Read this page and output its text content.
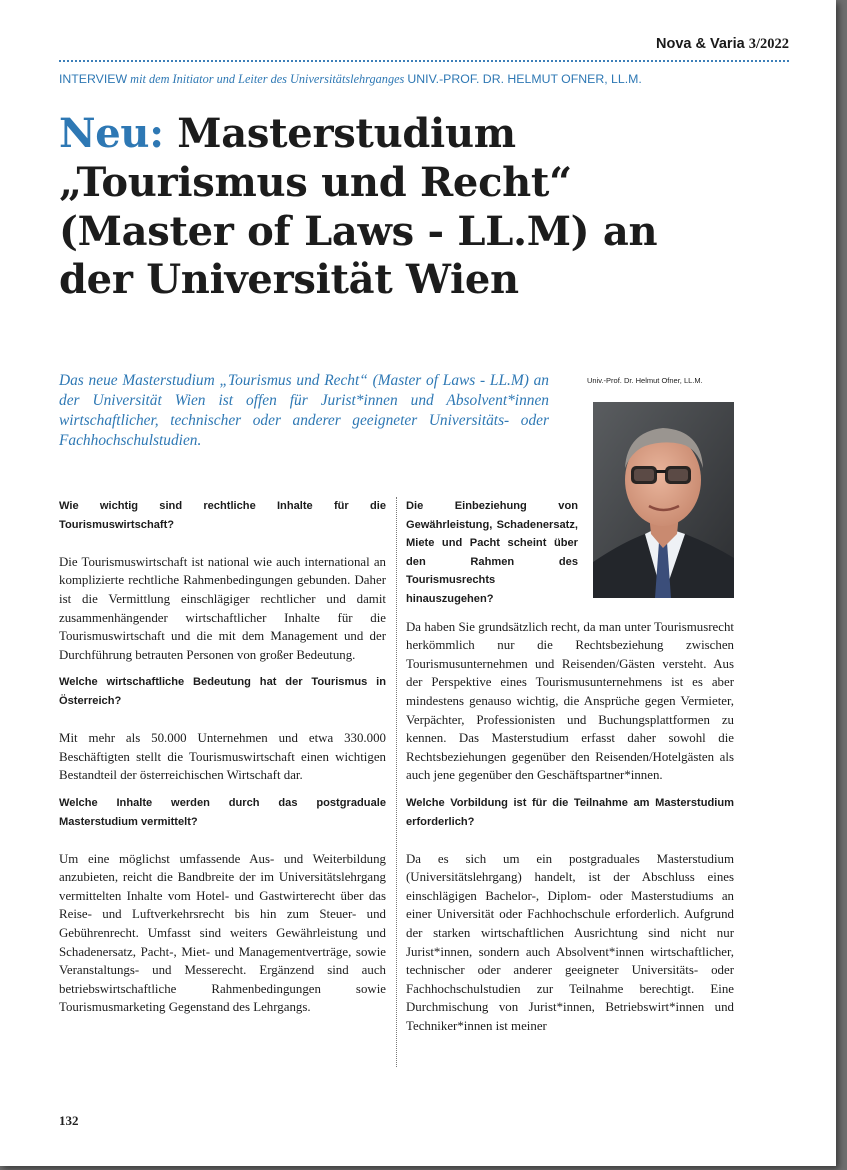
Nova & Varia 3/2022
INTERVIEW mit dem Initiator und Leiter des Universitätslehrganges UNIV.-PROF. DR. HELMUT OFNER, LL.M.
Neu: Masterstudium
„Tourismus und Recht“
(Master of Laws - LL.M) an
der Universität Wien

Das neue Masterstudium „Tourismus und Recht“ (Master of Laws - LL.M) an der Universität Wien ist offen für Jurist*innen und Absolvent*innen wirtschaftlicher, technischer oder anderer geeigneter Universitäts- oder Fachhochschulstudien.

Univ.-Prof. Dr. Helmut Ofner, LL.M.

Wie wichtig sind rechtliche Inhalte für die Tourismuswirtschaft?

Die Tourismuswirtschaft ist national wie auch international an komplizierte rechtliche Rahmenbedingungen gebunden. Daher ist die Vermittlung einschlägiger rechtlicher und damit zusammenhängender wirtschaftlicher Inhalte für die Tourismuswirtschaft und die mit dem Management und der Durchführung betrauten Personen von großer Bedeutung.

Welche wirtschaftliche Bedeutung hat der Tourismus in Österreich?

Mit mehr als 50.000 Unternehmen und etwa 330.000 Beschäftigten stellt die Tourismuswirtschaft einen wichtigen Bestandteil der österreichischen Wirtschaft dar.

Welche Inhalte werden durch das postgraduale Masterstudium vermittelt?

Um eine möglichst umfassende Aus- und Weiterbildung anzubieten, reicht die Bandbreite der im Universitätslehrgang vermittelten Inhalte vom Hotel- und Gastwirterecht über das Reise- und Luftverkehrsrecht bis hin zum Steuer- und Gebührenrecht. Umfasst sind weiters Gewährleistung und Schadenersatz, Pacht-, Miet- und Managementverträge, sowie Veranstaltungs- und Messerecht. Ergänzend sind auch betriebswirtschaftliche Rahmenbedingungen sowie Tourismusmarketing Gegenstand des Lehrgangs.

Die Einbeziehung von Gewährleistung, Schadenersatz, Miete und Pacht scheint über den Rahmen des Tourismusrechts hinauszugehen?

Da haben Sie grundsätzlich recht, da man unter Tourismusrecht herkömmlich nur die Rechtsbeziehung zwischen Tourismusunternehmen und Reisenden/Gästen versteht. Aus der Perspektive eines Tourismusunternehmens ist es aber mindestens genauso wichtig, die Ansprüche gegen Vermieter, Verpächter, Professionisten und Buchungsplattformen zu kennen. Das Masterstudium erfasst daher sowohl die Rechtsbeziehungen gegenüber den Reisenden/Hotelgästen als auch jene gegenüber den Geschäftspartner*innen.

Welche Vorbildung ist für die Teilnahme am Masterstudium erforderlich?

Da es sich um ein postgraduales Masterstudium (Universitätslehrgang) handelt, ist der Abschluss eines einschlägigen Bachelor-, Diplom- oder Masterstudiums an einer Universität oder Fachhochschule erforderlich. Aufgrund der starken wirtschaftlichen Ausrichtung sind nicht nur Jurist*innen, sondern auch Absolvent*innen wirtschaftlicher, technischer oder anderer geeigneter Universitäts- oder Fachhochschulstudien zur Teilnahme berechtigt. Eine Durchmischung von Jurist*innen, Betriebswirt*innen und Techniker*innen ist meiner

132
